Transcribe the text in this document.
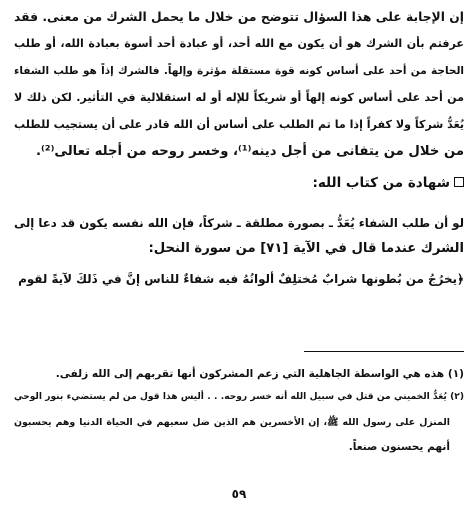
إن الإجابة على هذا السؤال تتوضح من خلال ما يحمل الشرك من معنى. فقد
عرفتم بأن الشرك هو أن يكون مع الله أحد، أو عبادة أحد أسوة بعبادة الله، أو طلب
الحاجة من أحد على أساس كونه قوة مستقلة مؤثرة وإلهاً. فالشرك إذاً هو طلب الشفاء
من أحد على أساس كونه إلهاً أو شريكاً للإله أو له استقلالية في التأثير. لكن ذلك لا
يُعَدُّ شركاً ولا كفراً إذا ما تم الطلب على أساس أن الله قادر على أن يستجيب للطلب
من خلال من يتفانى من أجل دينه⁽¹⁾، وخسر روحه من أجله تعالى⁽²⁾.
شهادة من كتاب الله:
لو أن طلب الشفاء يُعَدُّ ـ بصورة مطلقة ـ شركاً، فإن الله نفسه يكون قد دعا إلى
الشرك عندما قال في الآية [٧١] من سورة النحل:
﴿يخرُجُ من بُطونها شرابٌ مُختلِفٌ ألوانُهُ فيه شفاءٌ للناس إنَّ في ذَلكَ لآيةً لقوم
(١) هذه هي الواسطة الجاهلية التي زعم المشركون أنها تقربهم إلى الله زلفى.
(٢) يُعَدُّ الخميني من قتل في سبيل الله أنه خسر روحه. . . أليس هذا قول من لم يستضيء بنور الوحي
المنزل على رسول الله ﷺ، إن الأخسرين هم الذين ضل سعيهم في الحياة الدنيا وهم يحسبون
أنهم يحسنون صنعاً.
٥٩
